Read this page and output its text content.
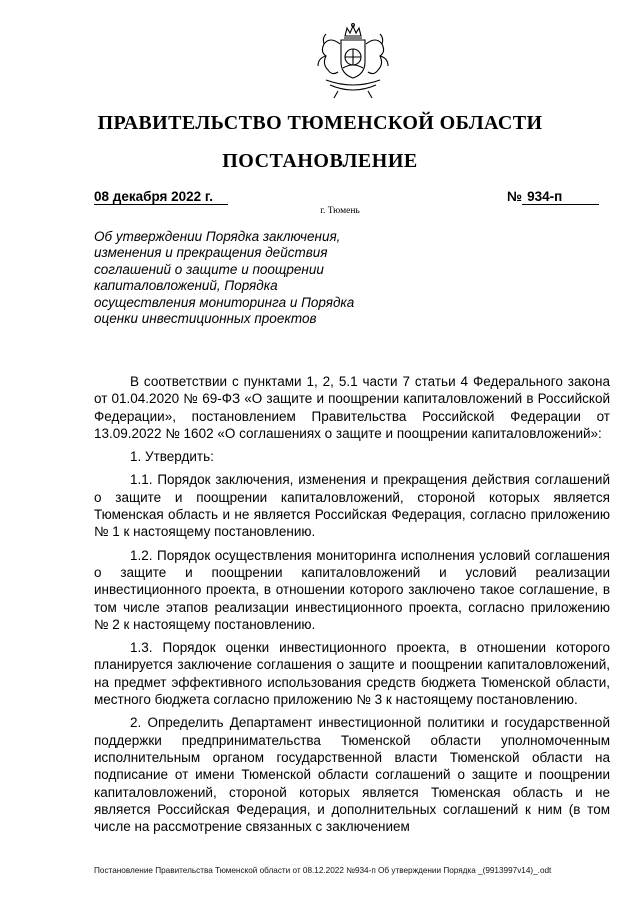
ПРАВИТЕЛЬСТВО ТЮМЕНСКОЙ ОБЛАСТИ
ПОСТАНОВЛЕНИЕ
08 декабря 2022 г.	№ 934-п
г. Тюмень
Об утверждении Порядка заключения,
изменения и прекращения действия
соглашений о защите и поощрении
капиталовложений, Порядка
осуществления мониторинга и Порядка
оценки инвестиционных проектов

В соответствии с пунктами 1, 2, 5.1 части 7 статьи 4 Федерального закона от 01.04.2020 № 69-ФЗ «О защите и поощрении капиталовложений в Российской Федерации», постановлением Правительства Российской Федерации от 13.09.2022 № 1602 «О соглашениях о защите и поощрении капиталовложений»:

1. Утвердить:

1.1. Порядок заключения, изменения и прекращения действия соглашений о защите и поощрении капиталовложений, стороной которых является Тюменская область и не является Российская Федерация, согласно приложению № 1 к настоящему постановлению.

1.2. Порядок осуществления мониторинга исполнения условий соглашения о защите и поощрении капиталовложений и условий реализации инвестиционного проекта, в отношении которого заключено такое соглашение, в том числе этапов реализации инвестиционного проекта, согласно приложению № 2 к настоящему постановлению.

1.3. Порядок оценки инвестиционного проекта, в отношении которого планируется заключение соглашения о защите и поощрении капиталовложений, на предмет эффективного использования средств бюджета Тюменской области, местного бюджета согласно приложению № 3 к настоящему постановлению.

2. Определить Департамент инвестиционной политики и государственной поддержки предпринимательства Тюменской области уполномоченным исполнительным органом государственной власти Тюменской области на подписание от имени Тюменской области соглашений о защите и поощрении капиталовложений, стороной которых является Тюменская область и не является Российская Федерация, и дополнительных соглашений к ним (в том числе на рассмотрение связанных с заключением

Постановление Правительства Тюменской области от 08.12.2022 №934-п Об утверждении Порядка _(9913997v14)_.odt
